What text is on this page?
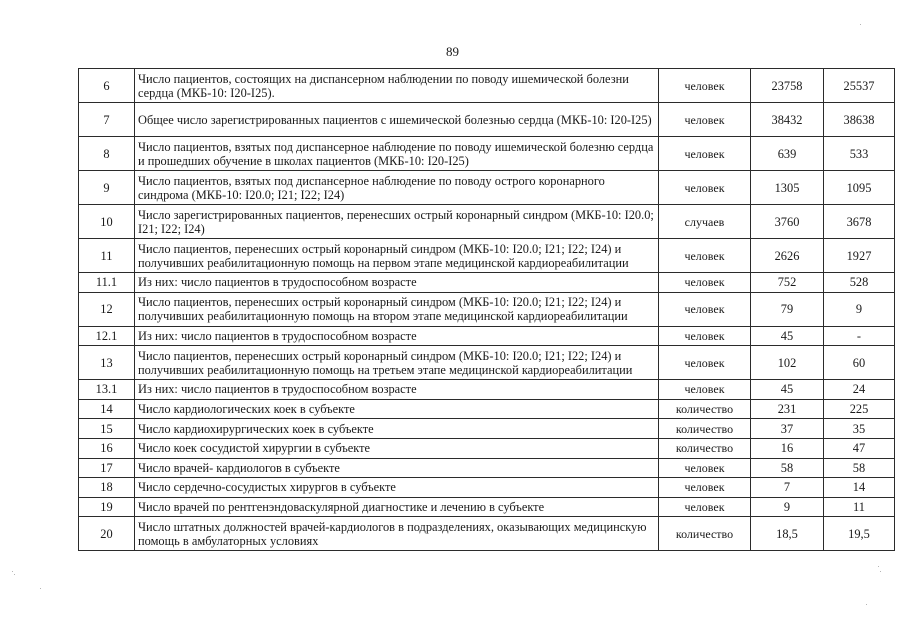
89
6	Число пациентов, состоящих на диспансерном наблюдении по поводу ишемической болезни сердца (МКБ-10: I20-I25).	человек	23758	25537
7	Общее число зарегистрированных пациентов с ишемической болезнью сердца (МКБ-10: I20-I25)	человек	38432	38638
8	Число пациентов, взятых под диспансерное наблюдение по поводу ишемической болезню сердца и прошедших обучение в школах пациентов (МКБ-10: I20-I25)	человек	639	533
9	Число пациентов, взятых под диспансерное наблюдение по поводу острого коронарного синдрома (МКБ-10: I20.0; I21; I22; I24)	человек	1305	1095
10	Число зарегистрированных пациентов, перенесших острый коронарный синдром (МКБ-10: I20.0; I21; I22; I24)	случаев	3760	3678
11	Число пациентов, перенесших острый коронарный синдром (МКБ-10: I20.0; I21; I22; I24) и получивших реабилитационную помощь на первом этапе медицинской кардиореабилитации	человек	2626	1927
11.1	Из них: число пациентов в трудоспособном возрасте	человек	752	528
12	Число пациентов, перенесших острый коронарный синдром (МКБ-10: I20.0; I21; I22; I24) и получивших реабилитационную помощь на втором этапе медицинской кардиореабилитации	человек	79	9
12.1	Из них: число пациентов в трудоспособном возрасте	человек	45	-
13	Число пациентов, перенесших острый коронарный синдром (МКБ-10: I20.0; I21; I22; I24) и получивших реабилитационную помощь на третьем этапе медицинской кардиореабилитации	человек	102	60
13.1	Из них: число пациентов в трудоспособном возрасте	человек	45	24
14	Число кардиологических коек в субъекте	количество	231	225
15	Число кардиохирургических коек в субъекте	количество	37	35
16	Число коек сосудистой хирургии в субъекте	количество	16	47
17	Число врачей- кардиологов в субъекте	человек	58	58
18	Число сердечно-сосудистых хирургов в субъекте	человек	7	14
19	Число врачей по рентгенэндоваскулярной диагностике и лечению в субъекте	человек	9	11
20	Число штатных должностей врачей-кардиологов в подразделениях, оказывающих медицинскую помощь в амбулаторных условиях	количество	18,5	19,5
